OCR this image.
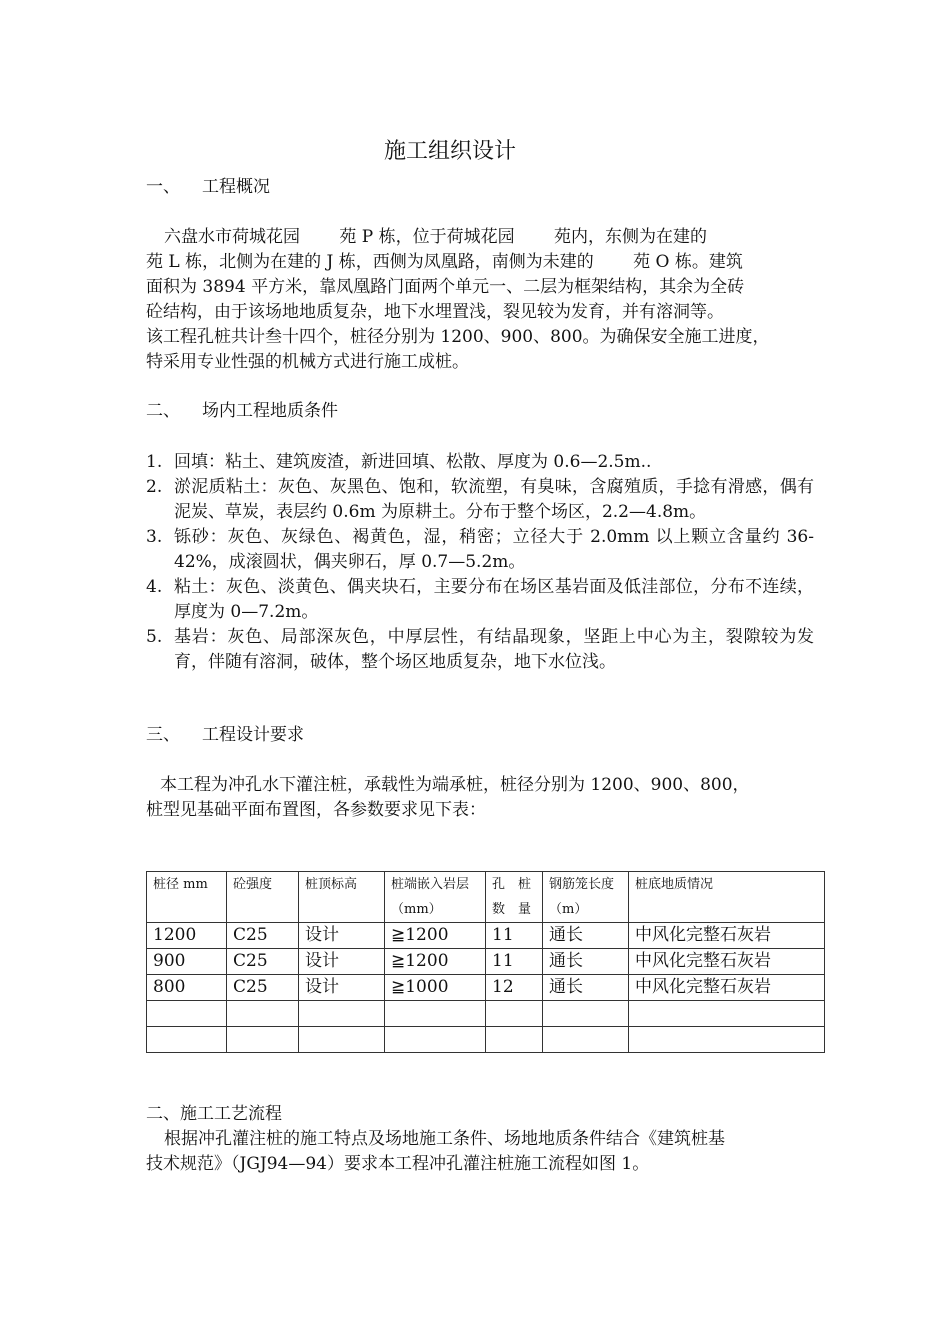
施工组织设计
一、 工程概况
六盘水市荷城花园　　 苑 P 栋，位于荷城花园　　 苑内，东侧为在建的
苑 L 栋，北侧为在建的 J 栋，西侧为凤凰路，南侧为未建的　　 苑 O 栋。建筑
面积为 3894 平方米，靠凤凰路门面两个单元一、二层为框架结构，其余为全砖
砼结构，由于该场地地质复杂，地下水埋置浅，裂见较为发育，并有溶洞等。
该工程孔桩共计叁十四个，桩径分别为 1200、900、800。为确保安全施工进度，
特采用专业性强的机械方式进行施工成桩。
二、 场内工程地质条件
1. 回填：粘土、建筑废渣，新进回填、松散、厚度为 0.6—2.5m..
2. 淤泥质粘土：灰色、灰黑色、饱和，软流塑，有臭味，含腐殖质，手捻有滑感，偶有泥炭、草炭，表层约 0.6m 为原耕土。分布于整个场区，2.2—4.8m。
3. 铄砂：灰色、灰绿色、褐黄色，湿，稍密；立径大于 2.0mm 以上颗立含量约 36-42%，成滚圆状，偶夹卵石，厚 0.7—5.2m。
4. 粘土：灰色、淡黄色、偶夹块石，主要分布在场区基岩面及低洼部位，分布不连续，厚度为 0—7.2m。
5. 基岩：灰色、局部深灰色，中厚层性，有结晶现象，坚距上中心为主，裂隙较为发育，伴随有溶洞，破体，整个场区地质复杂，地下水位浅。
三、 工程设计要求
本工程为冲孔水下灌注桩，承载性为端承桩，桩径分别为 1200、900、800，
桩型见基础平面布置图，各参数要求见下表：
桩径 mm	砼强度	桩顶标高	桩端嵌入岩层（mm）	孔　桩数　量	钢筋笼长度（m）	桩底地质情况
1200	C25	设计	≧1200	11	通长	中风化完整石灰岩
900	C25	设计	≧1200	11	通长	中风化完整石灰岩
800	C25	设计	≧1000	12	通长	中风化完整石灰岩

二、施工工艺流程
根据冲孔灌注桩的施工特点及场地施工条件、场地地质条件结合《建筑桩基
技术规范》（JGJ94—94）要求本工程冲孔灌注桩施工流程如图 1。
